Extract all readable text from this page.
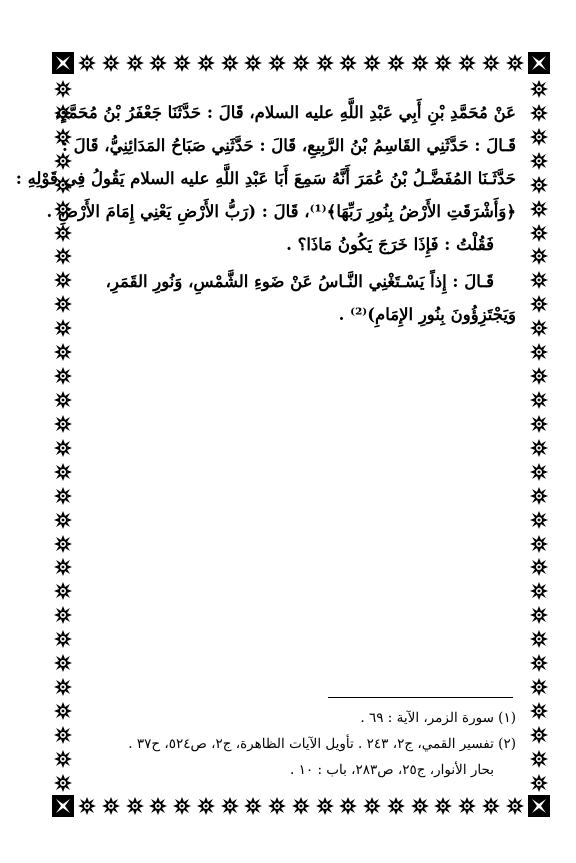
عَنْ مُحَمَّدِ بْنِ أَبِي عَبْدِ اللَّهِ عليه السلام، قَالَ : حَدَّثَنَا جَعْفَرُ بْنُ مُحَمَّدٍ،
قَـالَ : حَدَّثَنِي القَاسِمُ بْنُ الرَّبِيعِ، قَالَ : حَدَّثَنِي صَبَاحُ المَدَائِنِيُّ، قَالَ :
حَدَّثَـنَا المُفَضَّـلُ بْنُ عُمَرَ أَنَّهُ سَمِعَ أَبَا عَبْدِ اللَّهِ عليه السلام يَقُولُ فِي قَوْلِهِ :
﴿وَأَشْرَقَتِ الأَرْضُ بِنُورِ رَبِّهَا﴾⁽¹⁾، قَالَ : (رَبُّ الأَرْضِ يَعْنِي إِمَامَ الأَرْضِ .
فَقُلْتُ : فَإِذَا خَرَجَ يَكُونُ مَاذَا؟ .
قَـالَ : إِذاً يَسْـتَغْنِي النَّـاسُ عَنْ ضَوءِ الشَّمْسِ، وَنُورِ القَمَرِ،
وَيَجْتَزِؤُونَ بِنُورِ الإِمَامِ)⁽²⁾ .
(١) سورة الزمر، الآية : ٦٩ .
(٢) تفسير القمي، ج٢، ٢٤٣ . تأويل الآيات الظاهرة، ج٢، ص٥٢٤، ح٣٧ .
بحار الأنوار، ج٢٥، ص٢٨٣، باب : ١٠ .
